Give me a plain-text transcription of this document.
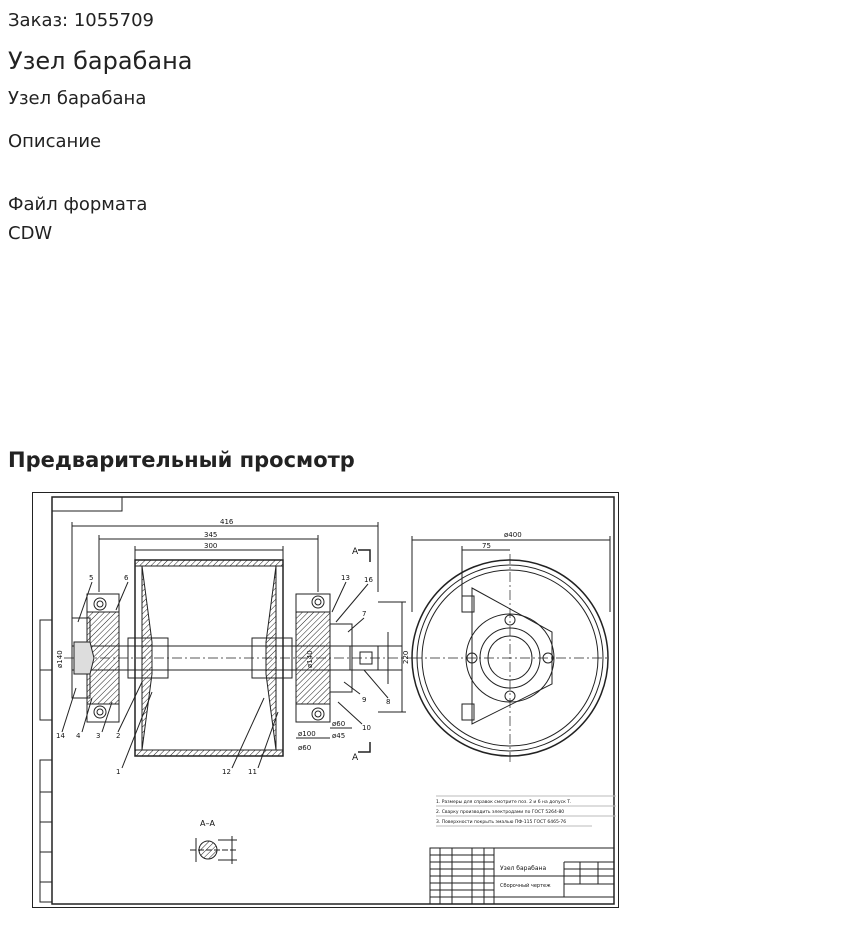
Заказ: 1055709
Узел барабана
Узел барабана
Описание
Файл формата
CDW
Предварительный просмотр
416
345
300
ø140	ø140	220
ø100
ø60
ø60
ø45
ø400
75
5	6	13 16
7
9	8
10
11
12
1
2
3
4
14
А
А
А–А
1. Размеры для справок смотрите поз. 2 и 6 на допуск Т.
2. Сварку производить электродами по ГОСТ 5264-80
3. Поверхности покрыть эмалью ПФ-115 ГОСТ 6465-76
Узел барабана
Сборочный чертеж
